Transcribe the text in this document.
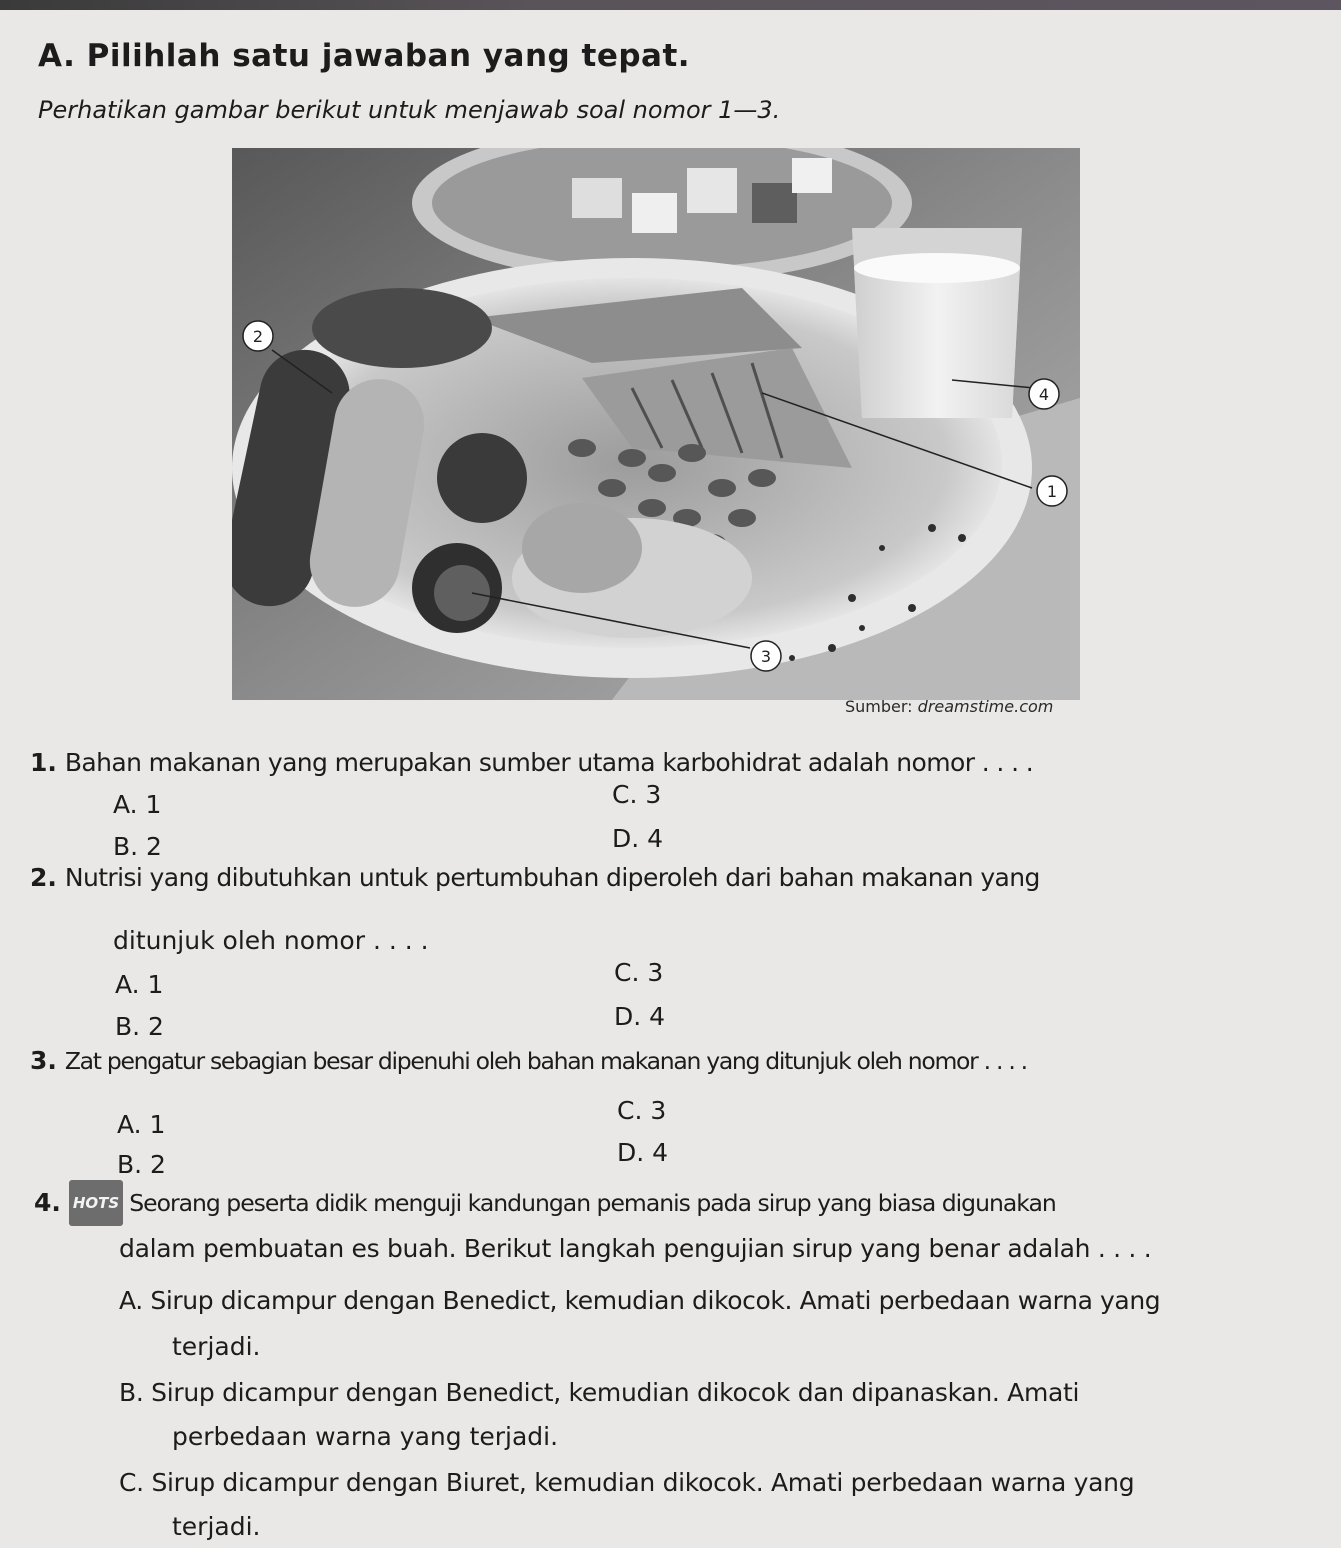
A. Pilihlah satu jawaban yang tepat.
Perhatikan gambar berikut untuk menjawab soal nomor 1—3.
2
4
1
3
Sumber: dreamstime.com
1. Bahan makanan yang merupakan sumber utama karbohidrat adalah nomor . . . .
A. 1
B. 2
C. 3
D. 4
2. Nutrisi yang dibutuhkan untuk pertumbuhan diperoleh dari bahan makanan yang
ditunjuk oleh nomor . . . .
A. 1
B. 2
C. 3
D. 4
3. Zat pengatur sebagian besar dipenuhi oleh bahan makanan yang ditunjuk oleh nomor . . . .
A. 1
B. 2
C. 3
D. 4
4. HOTS Seorang peserta didik menguji kandungan pemanis pada sirup yang biasa digunakan
dalam pembuatan es buah. Berikut langkah pengujian sirup yang benar adalah . . . .
A. Sirup dicampur dengan Benedict, kemudian dikocok. Amati perbedaan warna yang
terjadi.
B. Sirup dicampur dengan Benedict, kemudian dikocok dan dipanaskan. Amati
perbedaan warna yang terjadi.
C. Sirup dicampur dengan Biuret, kemudian dikocok. Amati perbedaan warna yang
terjadi.
